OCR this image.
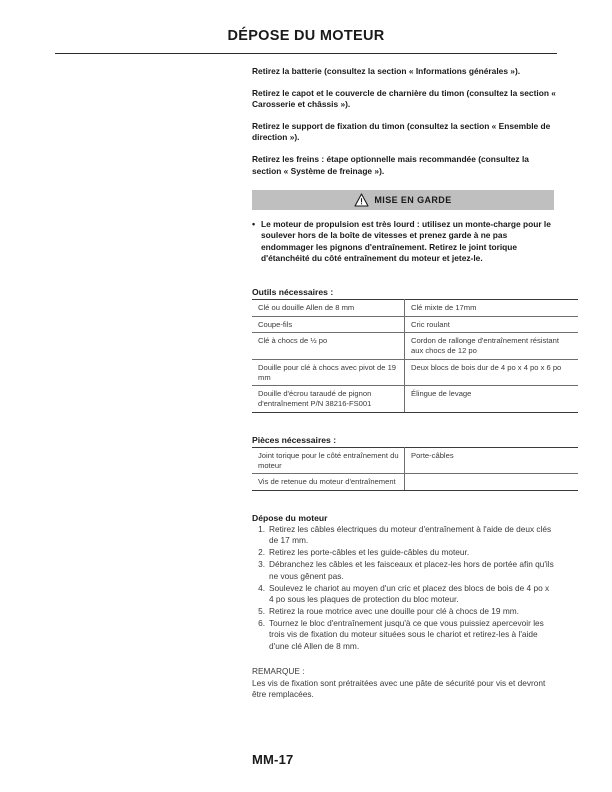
DÉPOSE DU MOTEUR

Retirez la batterie (consultez la section « Informations générales »).

Retirez le capot et le couvercle de charnière du timon (consultez la section « Carosserie et châssis »).

Retirez le support de fixation du timon (consultez la section « Ensemble de direction »).

Retirez les freins : étape optionnelle mais recommandée (consultez la section « Système de freinage »).

MISE EN GARDE
• Le moteur de propulsion est très lourd : utilisez un monte-charge pour le soulever hors de la boîte de vitesses et prenez garde à ne pas endommager les pignons d'entraînement. Retirez le joint torique d'étanchéité du côté entraînement du moteur et jetez-le.
Outils nécessaires :
Clé ou douille Allen de 8 mm	Clé mixte de 17mm
Coupe-fils	Cric roulant
Clé à chocs de ½ po	Cordon de rallonge d'entraînement résistant aux chocs de 12 po
Douille pour clé à chocs avec pivot de 19 mm	Deux blocs de bois dur de 4 po x 4 po x 6 po
Douille d'écrou taraudé de pignon d'entraînement P/N 38216-FS001	Élingue de levage
Pièces nécessaires :
Joint torique pour le côté entraînement du moteur	Porte-câbles
Vis de retenue du moteur d'entraînement	
Dépose du moteur
Retirez les câbles électriques du moteur d'entraînement à l'aide de deux clés de 17 mm.
Retirez les porte-câbles et les guide-câbles du moteur.
Débranchez les câbles et les faisceaux et placez-les hors de portée afin qu'ils ne vous gênent pas.
Soulevez le chariot au moyen d'un cric et placez des blocs de bois de 4 po x 4 po sous les plaques de protection du bloc moteur.
Retirez la roue motrice avec une douille pour clé à chocs de 19 mm.
Tournez le bloc d'entraînement jusqu'à ce que vous puissiez apercevoir les trois vis de fixation du moteur situées sous le chariot et retirez-les à l'aide d'une clé Allen de 8 mm.
REMARQUE :
Les vis de fixation sont prétraitées avec une pâte de sécurité pour vis et devront être remplacées.
MM-17
